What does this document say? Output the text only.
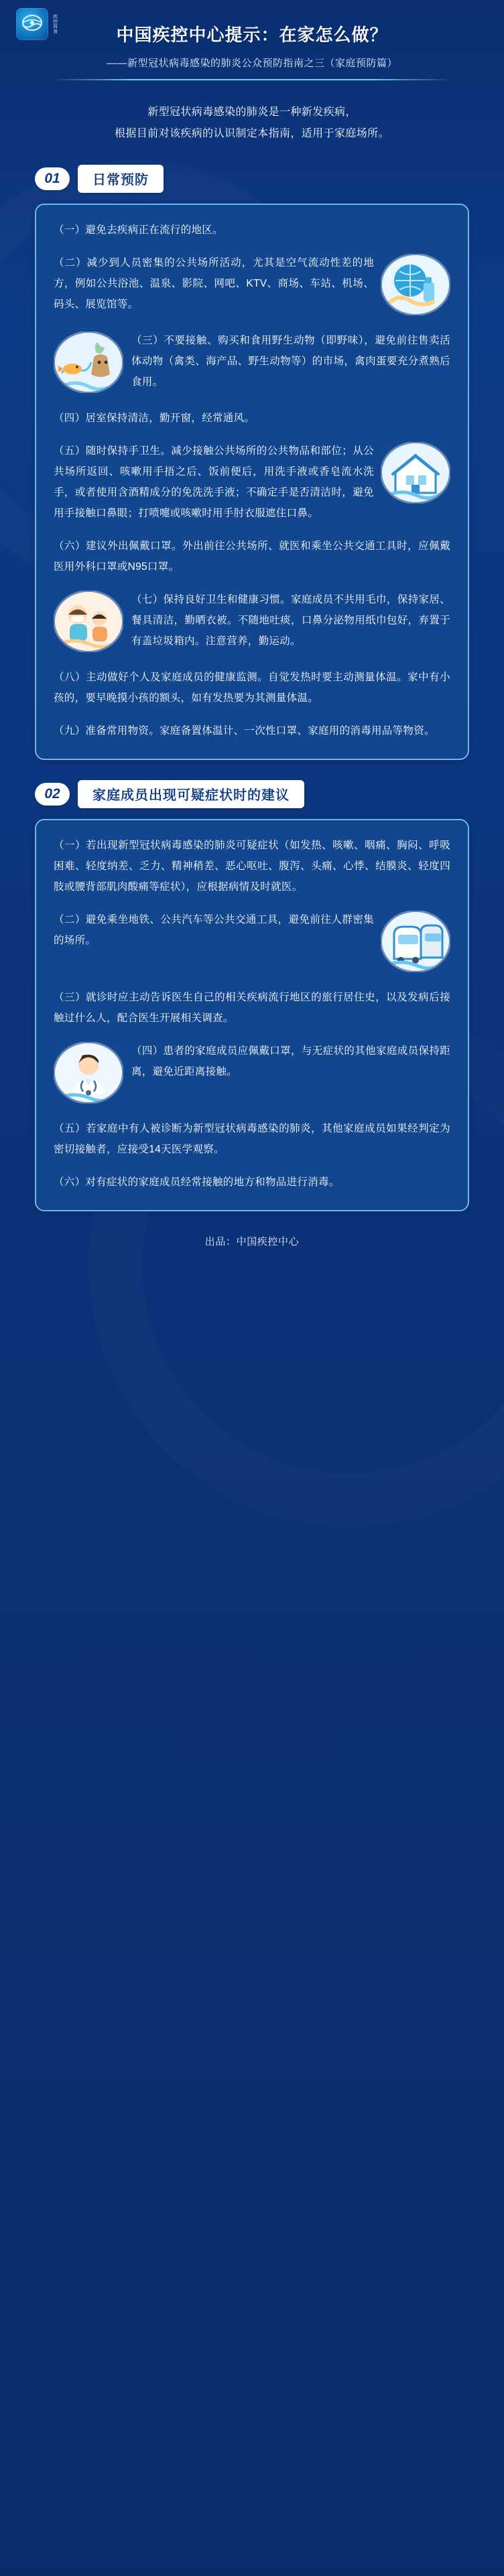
疾控科普
中国疾控中心提示：在家怎么做？
——新型冠状病毒感染的肺炎公众预防指南之三（家庭预防篇）
新型冠状病毒感染的肺炎是一种新发疾病，
根据目前对该疾病的认识制定本指南，适用于家庭场所。
01	日常预防

（一）避免去疾病正在流行的地区。

（二）减少到人员密集的公共场所活动，尤其是空气流动性差的地方，例如公共浴池、温泉、影院、网吧、KTV、商场、车站、机场、码头、展览馆等。
（三）不要接触、购买和食用野生动物（即野味），避免前往售卖活体动物（禽类、海产品、野生动物等）的市场，禽肉蛋要充分煮熟后食用。

（四）居室保持清洁，勤开窗，经常通风。

（五）随时保持手卫生。减少接触公共场所的公共物品和部位；从公共场所返回、咳嗽用手捂之后、饭前便后，用洗手液或香皂流水洗手，或者使用含酒精成分的免洗洗手液；不确定手是否清洁时，避免用手接触口鼻眼；打喷嚏或咳嗽时用手肘衣服遮住口鼻。

（六）建议外出佩戴口罩。外出前往公共场所、就医和乘坐公共交通工具时，应佩戴医用外科口罩或N95口罩。

（七）保持良好卫生和健康习惯。家庭成员不共用毛巾，保持家居、餐具清洁，勤晒衣被。不随地吐痰，口鼻分泌物用纸巾包好，弃置于有盖垃圾箱内。注意营养，勤运动。

（八）主动做好个人及家庭成员的健康监测。自觉发热时要主动测量体温。家中有小孩的，要早晚摸小孩的额头，如有发热要为其测量体温。

（九）准备常用物资。家庭备置体温计、一次性口罩、家庭用的消毒用品等物资。

02	家庭成员出现可疑症状时的建议

（一）若出现新型冠状病毒感染的肺炎可疑症状（如发热、咳嗽、咽痛、胸闷、呼吸困难、轻度纳差、乏力、精神稍差、恶心呕吐、腹泻、头痛、心悸、结膜炎、轻度四肢或腰背部肌肉酸痛等症状），应根据病情及时就医。

（二）避免乘坐地铁、公共汽车等公共交通工具，避免前往人群密集的场所。

（三）就诊时应主动告诉医生自己的相关疾病流行地区的旅行居住史，以及发病后接触过什么人，配合医生开展相关调查。

（四）患者的家庭成员应佩戴口罩，与无症状的其他家庭成员保持距离，避免近距离接触。

（五）若家庭中有人被诊断为新型冠状病毒感染的肺炎，其他家庭成员如果经判定为密切接触者，应接受14天医学观察。

（六）对有症状的家庭成员经常接触的地方和物品进行消毒。

出品：中国疾控中心
